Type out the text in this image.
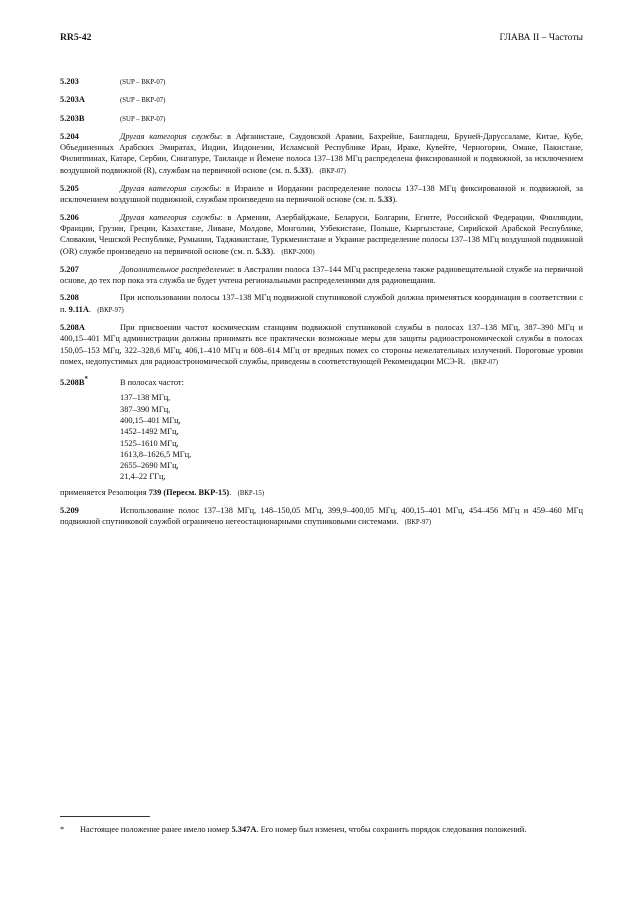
RR5-42	ГЛАВА II – Частоты

5.203	(SUP – ВКР-07)

5.203A	(SUP – ВКР-07)

5.203B	(SUP – ВКР-07)

5.204	Другая категория службы: в Афганистане, Саудовской Аравии, Бахрейне, Бангладеш, Бруней-Даруссаламе, Китае, Кубе, Объединенных Арабских Эмиратах, Индии, Индонезии, Исламской Республике Иран, Ираке, Кувейте, Черногории, Омане, Пакистане, Филиппинах, Катаре, Сербии, Сингапуре, Таиланде и Йемене полоса 137–138 МГц распределена фиксированной и подвижной, за исключением воздушной подвижной (R), службам на первичной основе (см. п. 5.33). (ВКР-07)

5.205	Другая категория службы: в Израиле и Иордании распределение полосы 137–138 МГц фиксированной и подвижной, за исключением воздушной подвижной, службам произведено на первичной основе (см. п. 5.33).

5.206	Другая категория службы: в Армении, Азербайджане, Беларуси, Болгарии, Египте, Российской Федерации, Финляндии, Франции, Грузии, Греции, Казахстане, Ливане, Молдове, Монголии, Узбекистане, Польше, Кыргызстане, Сирийской Арабской Республике, Словакии, Чешской Республике, Румынии, Таджикистане, Туркменистане и Украине распределение полосы 137–138 МГц воздушной подвижной (OR) службе произведено на первичной основе (см. п. 5.33). (ВКР-2000)

5.207	Дополнительное распределение: в Австралии полоса 137–144 МГц распределена также радиовещательной службе на первичной основе, до тех пор пока эта служба не будет учтена региональными распределениями для радиовещания.

5.208	При использовании полосы 137–138 МГц подвижной спутниковой службой должна применяться координация в соответствии с п. 9.11A. (ВКР-97)

5.208A	При присвоении частот космическим станциям подвижной спутниковой службы в полосах 137–138 МГц, 387–390 МГц и 400,15–401 МГц администрации должны принимать все практически возможные меры для защиты радиоастрономической службы в полосах 150,05–153 МГц, 322–328,6 МГц, 406,1–410 МГц и 608–614 МГц от вредных помех со стороны нежелательных излучений. Пороговые уровни помех, недопустимых для радиоастрономической службы, приведены в соответствующей Рекомендации МСЭ-R. (ВКР-07)

5.208B*	В полосах частот:
137–138 МГц,
387–390 МГц,
400,15–401 МГц,
1452–1492 МГц,
1525–1610 МГц,
1613,8–1626,5 МГц,
2655–2690 МГц,
21,4–22 ГГц,
применяется Резолюция 739 (Пересм. ВКР-15). (ВКР-15)

5.209	Использование полос 137–138 МГц, 148–150,05 МГц, 399,9–400,05 МГц, 400,15–401 МГц, 454–456 МГц и 459–460 МГц подвижной спутниковой службой ограничено негеостационарными спутниковыми системами. (ВКР-97)

* Настоящее положение ранее имело номер 5.347A. Его номер был изменен, чтобы сохранить порядок следования положений.
